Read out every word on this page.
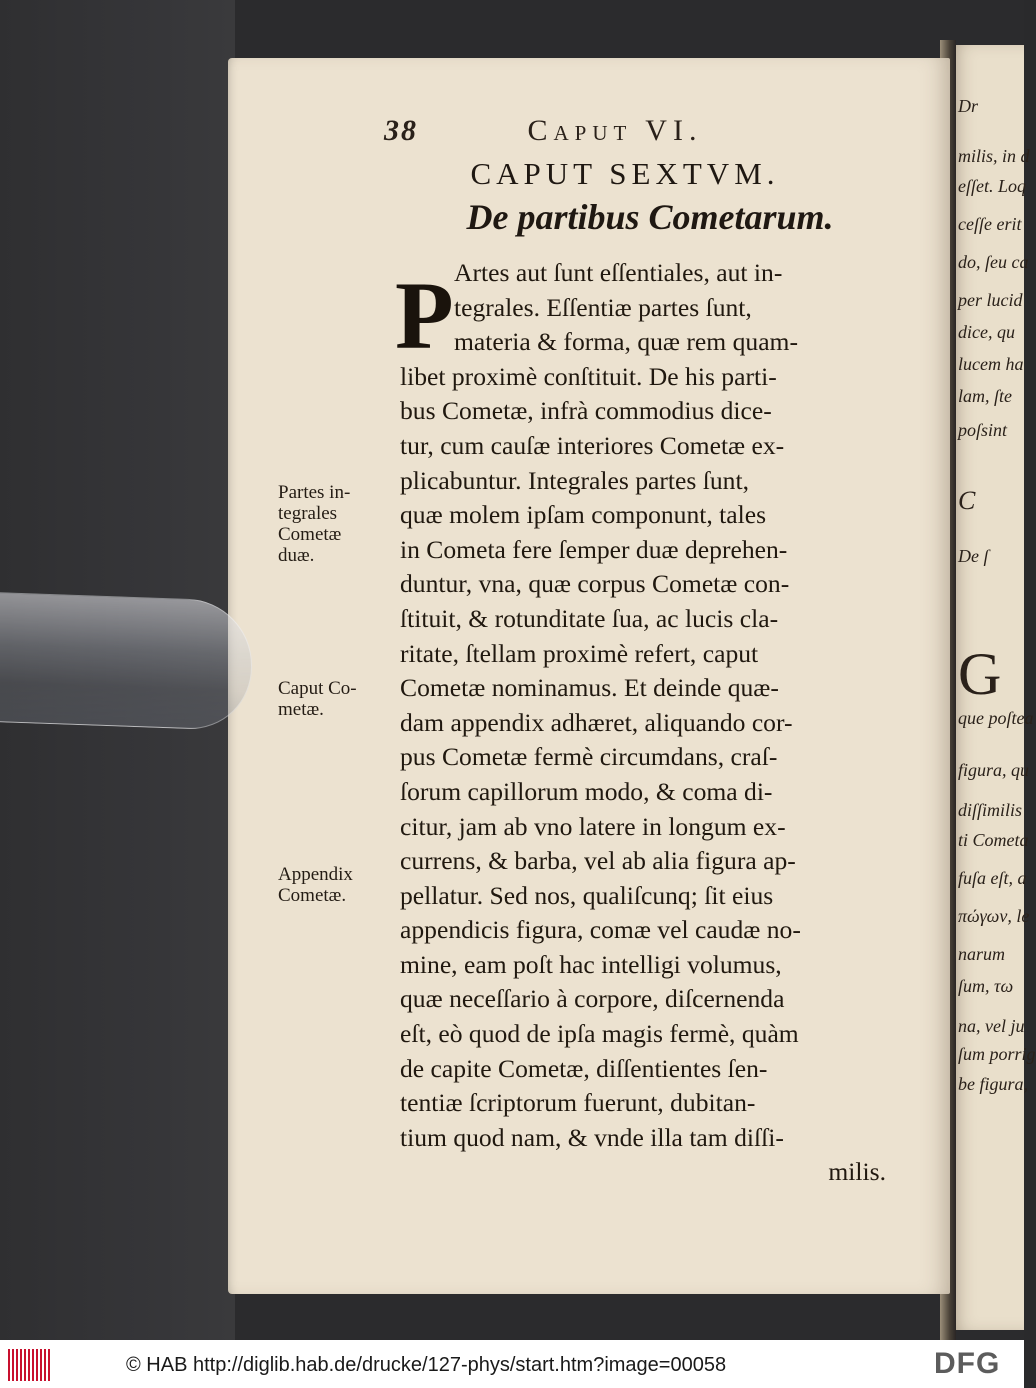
38	Caput VI.
CAPUT SEXTVM.
De partibus Cometarum.
P Artes aut ſunt eſſentiales, aut in-
tegrales. Eſſentiæ partes ſunt,
materia & forma, quæ rem quam-
libet proximè conſtituit. De his parti-
bus Cometæ, infrà commodius dice-
tur, cum cauſæ interiores Cometæ ex-
plicabuntur. Integrales partes ſunt,
quæ molem ipſam componunt, tales
in Cometa fere ſemper duæ deprehen-
duntur, vna, quæ corpus Cometæ con-
ſtituit, & rotunditate ſua, ac lucis cla-
ritate, ſtellam proximè refert, caput
Cometæ nominamus. Et deinde quæ-
dam appendix adhæret, aliquando cor-
pus Cometæ fermè circumdans, craſ-
ſorum capillorum modo, & coma di-
citur, jam ab vno latere in longum ex-
currens, & barba, vel ab alia figura ap-
pellatur. Sed nos, qualiſcunq; ſit eius
appendicis figura, comæ vel caudæ no-
mine, eam poſt hac intelligi volumus,
quæ neceſſario à corpore, diſcernenda
eſt, eò quod de ipſa magis fermè, quàm
de capite Cometæ, diſſentientes ſen-
tentiæ ſcriptorum fuerunt, dubitan-
tium quod nam, & vnde illa tam diſſi-
milis.
Partes in-
tegrales
Cometæ
duæ.
Caput Co-
metæ.
Appendix
Cometæ.
Dr
milis, in d
eſſet. Loq
ceſſe erit
do, ſeu ca
per lucid
dice, qu
lucem ha
lam, ſte
poſsint
C
De ſ
G
que poſtea
figura, qu
diſſimilis
ti Cometa
fuſa eſt, a
πώγων, le
narum
ſum, τω
na, vel ju
ſum porrig
be figura,
© HAB http://diglib.hab.de/drucke/127-phys/start.htm?image=00058	DFG
